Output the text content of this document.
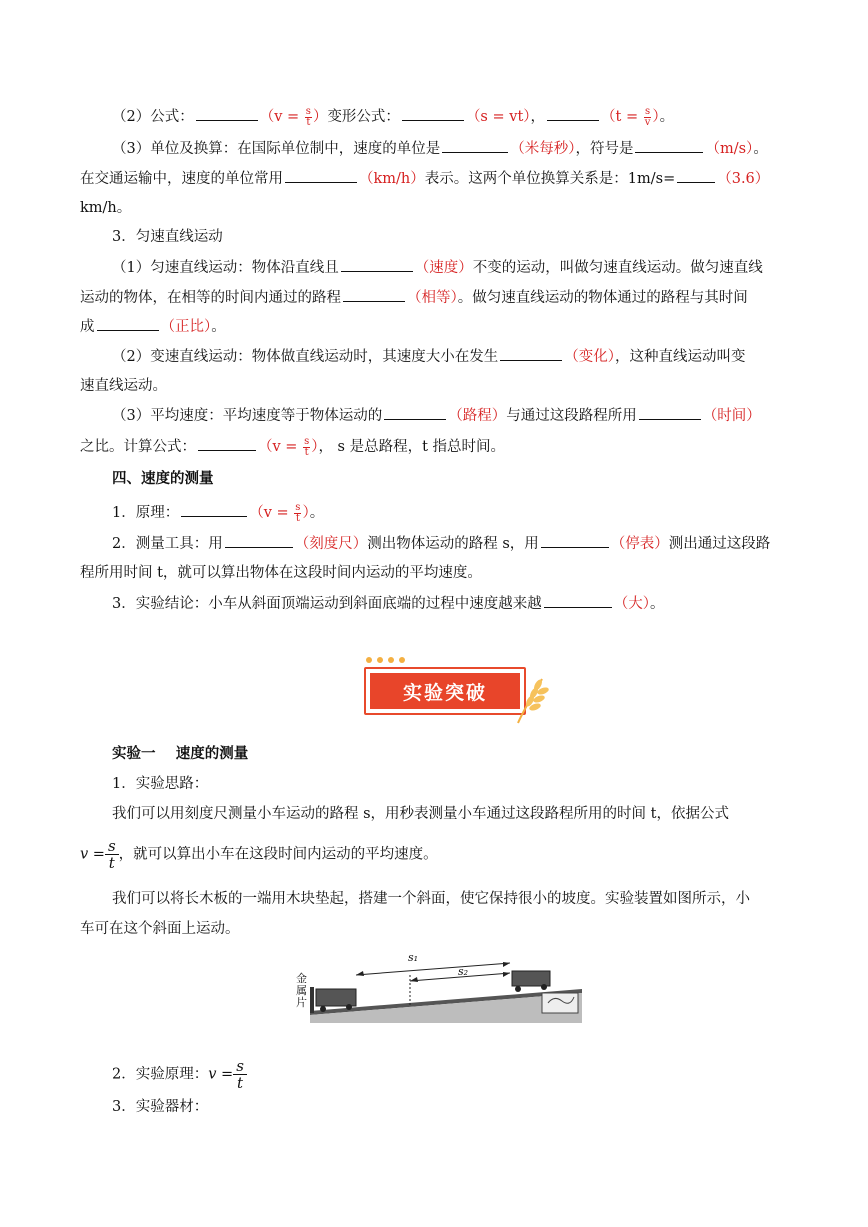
（2）公式：	（$v = \frac{s}{t}$ ）变形公式：	（s = vt），	（$t = \frac{s}{v}$ ）。
（3）单位及换算：在国际单位制中，速度的单位是	（米每秒），符号是	（m/s）。
在交通运输中，速度的单位常用	（km/h）表示。这两个单位换算关系是：1m/s=	（3.6）
km/h。
3．匀速直线运动
（1）匀速直线运动：物体沿直线且	（速度）不变的运动，叫做匀速直线运动。做匀速直线
运动的物体，在相等的时间内通过的路程	（相等）。做匀速直线运动的物体通过的路程与其时间
成	（正比）。
（2）变速直线运动：物体做直线运动时，其速度大小在发生	（变化），这种直线运动叫变
速直线运动。
（3）平均速度：平均速度等于物体运动的	（路程）与通过这段路程所用	（时间）
之比。计算公式：	（$v = \frac{s}{t}$ ）， s 是总路程，t 指总时间。
四、速度的测量
1．原理：	（$v = \frac{s}{t}$ ）。
2．测量工具：用	（刻度尺）测出物体运动的路程 s，用	（停表）测出通过这段路
程所用时间 t，就可以算出物体在这段时间内运动的平均速度。
3．实验结论：小车从斜面顶端运动到斜面底端的过程中速度越来越	（大）。
实验突破
实验一    速度的测量
1．实验思路：
我们可以用刻度尺测量小车运动的路程 s，用秒表测量小车通过这段路程所用的时间 t，依据公式
$v = \frac{s}{t}$ ，就可以算出小车在这段时间内运动的平均速度。
我们可以将长木板的一端用木块垫起，搭建一个斜面，使它保持很小的坡度。实验装置如图所示，小
车可在这个斜面上运动。
金属片
s₁
s₂
2．实验原理：$v = \frac{s}{t}$
3．实验器材：
